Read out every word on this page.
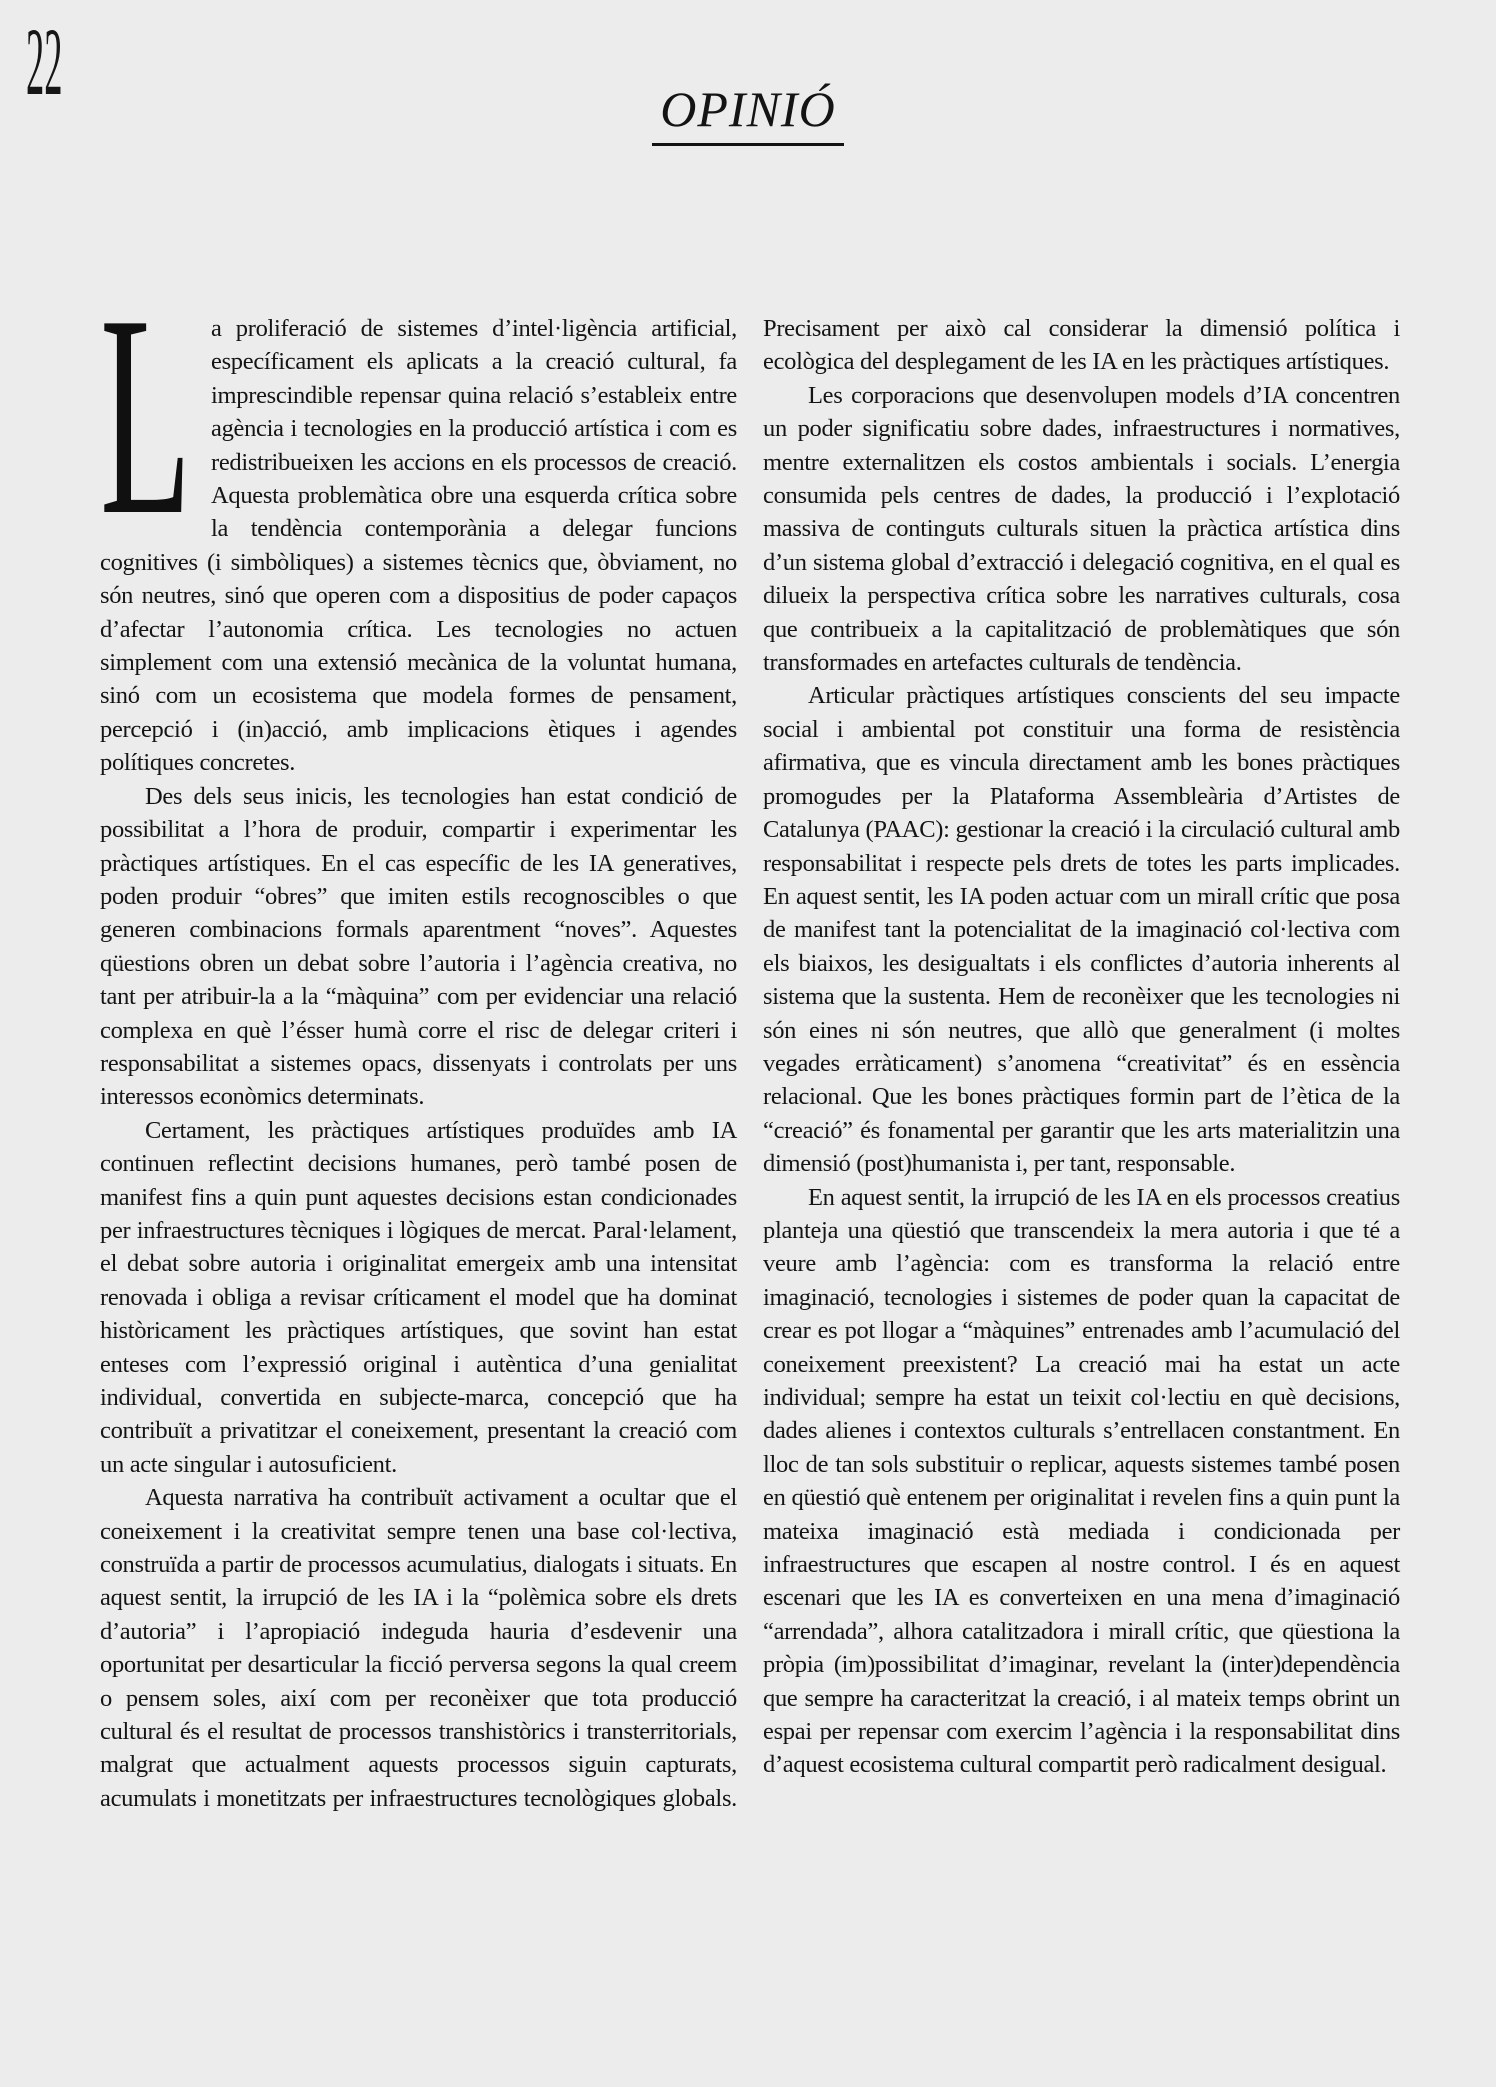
22	OPINIÓ

La proliferació de sistemes d’intel·ligència artificial, específicament els aplicats a la creació cultural, fa imprescindible repensar quina relació s’estableix entre agència i tecnologies en la producció artística i com es redistribueixen les accions en els processos de creació. Aquesta problemàtica obre una esquerda crítica sobre la tendència contemporània a delegar funcions cognitives (i simbòliques) a sistemes tècnics que, òbviament, no són neutres, sinó que operen com a dispositius de poder capaços d’afectar l’autonomia crítica. Les tecnologies no actuen simplement com una extensió mecànica de la voluntat humana, sinó com un ecosistema que modela formes de pensament, percepció i (in)acció, amb implicacions ètiques i agendes polítiques concretes.

Des dels seus inicis, les tecnologies han estat condició de possibilitat a l’hora de produir, compartir i experimentar les pràctiques artístiques. En el cas específic de les IA generatives, poden produir “obres” que imiten estils recognoscibles o que generen combinacions formals aparentment “noves”. Aquestes qüestions obren un debat sobre l’autoria i l’agència creativa, no tant per atribuir-la a la “màquina” com per evidenciar una relació complexa en què l’ésser humà corre el risc de delegar criteri i responsabilitat a sistemes opacs, dissenyats i controlats per uns interessos econòmics determinats.

Certament, les pràctiques artístiques produïdes amb IA continuen reflectint decisions humanes, però també posen de manifest fins a quin punt aquestes decisions estan condicionades per infraestructures tècniques i lògiques de mercat. Paral·lelament, el debat sobre autoria i originalitat emergeix amb una intensitat renovada i obliga a revisar críticament el model que ha dominat històricament les pràctiques artístiques, que sovint han estat enteses com l’expressió original i autèntica d’una genialitat individual, convertida en subjecte-marca, concepció que ha contribuït a privatitzar el coneixement, presentant la creació com un acte singular i autosuficient.

Aquesta narrativa ha contribuït activament a ocultar que el coneixement i la creativitat sempre tenen una base col·lectiva, construïda a partir de processos acumulatius, dialogats i situats. En aquest sentit, la irrupció de les IA i la “polèmica sobre els drets d’autoria” i l’apropiació indeguda hauria d’esdevenir una oportunitat per desarticular la ficció perversa segons la qual creem o pensem soles, així com per reconèixer que tota producció cultural és el resultat de processos transhistòrics i transterritorials, malgrat que actualment aquests processos siguin capturats, acumulats i monetitzats per infraestructures tecnològiques globals. Precisament per això cal considerar la dimensió política i ecològica del desplegament de les IA en les pràctiques artístiques.

Les corporacions que desenvolupen models d’IA concentren un poder significatiu sobre dades, infraestructures i normatives, mentre externalitzen els costos ambientals i socials. L’energia consumida pels centres de dades, la producció i l’explotació massiva de continguts culturals situen la pràctica artística dins d’un sistema global d’extracció i delegació cognitiva, en el qual es dilueix la perspectiva crítica sobre les narratives culturals, cosa que contribueix a la capitalització de problemàtiques que són transformades en artefactes culturals de tendència.

Articular pràctiques artístiques conscients del seu impacte social i ambiental pot constituir una forma de resistència afirmativa, que es vincula directament amb les bones pràctiques promogudes per la Plataforma Assembleària d’Artistes de Catalunya (PAAC): gestionar la creació i la circulació cultural amb responsabilitat i respecte pels drets de totes les parts implicades. En aquest sentit, les IA poden actuar com un mirall crític que posa de manifest tant la potencialitat de la imaginació col·lectiva com els biaixos, les desigualtats i els conflictes d’autoria inherents al sistema que la sustenta. Hem de reconèixer que les tecnologies ni són eines ni són neutres, que allò que generalment (i moltes vegades erràticament) s’anomena “creativitat” és en essència relacional. Que les bones pràctiques formin part de l’ètica de la “creació” és fonamental per garantir que les arts materialitzin una dimensió (post)humanista i, per tant, responsable.

En aquest sentit, la irrupció de les IA en els processos creatius planteja una qüestió que transcendeix la mera autoria i que té a veure amb l’agència: com es transforma la relació entre imaginació, tecnologies i sistemes de poder quan la capacitat de crear es pot llogar a “màquines” entrenades amb l’acumulació del coneixement preexistent? La creació mai ha estat un acte individual; sempre ha estat un teixit col·lectiu en què decisions, dades alienes i contextos culturals s’entrellacen constantment. En lloc de tan sols substituir o replicar, aquests sistemes també posen en qüestió què entenem per originalitat i revelen fins a quin punt la mateixa imaginació està mediada i condicionada per infraestructures que escapen al nostre control. I és en aquest escenari que les IA es converteixen en una mena d’imaginació “arrendada”, alhora catalitzadora i mirall crític, que qüestiona la pròpia (im)possibilitat d’imaginar, revelant la (inter)dependència que sempre ha caracteritzat la creació, i al mateix temps obrint un espai per repensar com exercim l’agència i la responsabilitat dins d’aquest ecosistema cultural compartit però radicalment desigual.
